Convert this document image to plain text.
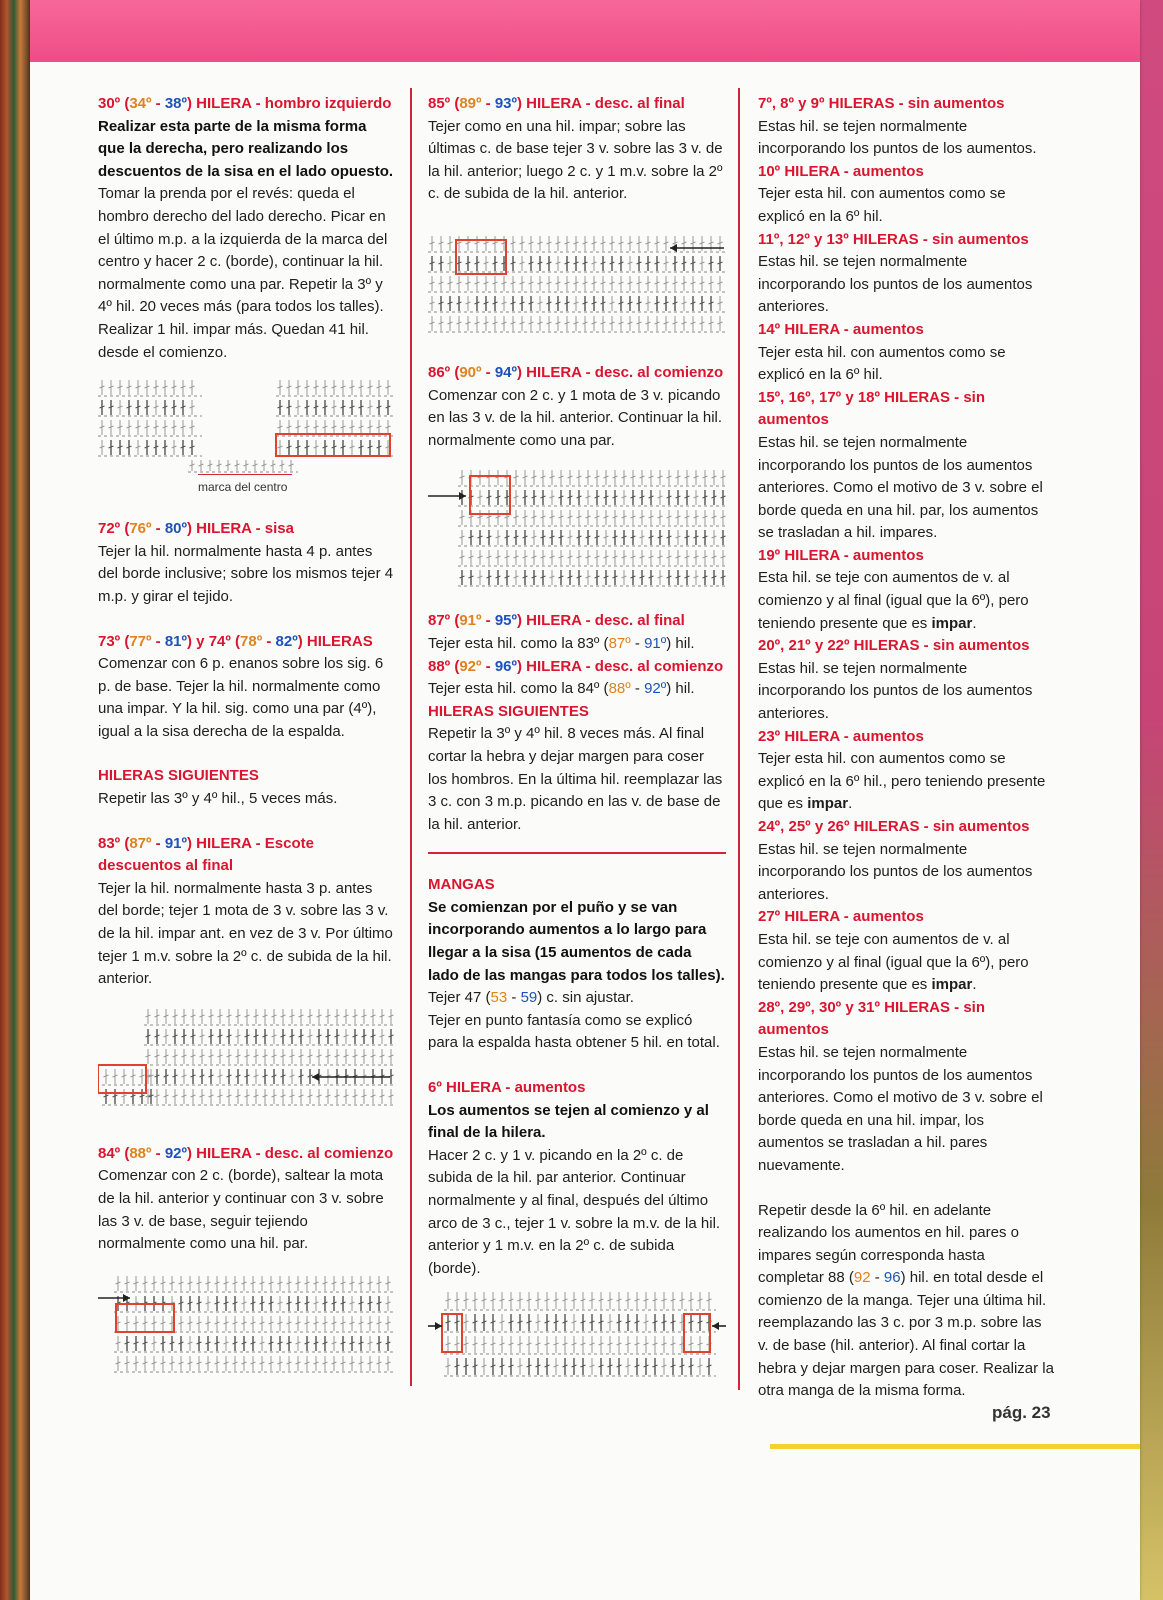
30º (34º - 38º) HILERA - hombro izquierdo

Realizar esta parte de la misma forma que la derecha, pero realizando los descuentos de la sisa en el lado opuesto.

Tomar la prenda por el revés: queda el hombro derecho del lado derecho. Picar en el último m.p. a la izquierda de la marca del centro y hacer 2 c. (borde), continuar la hil. normalmente como una par. Repetir la 3º y 4º hil. 20 veces más (para todos los talles). Realizar 1 hil. impar más. Quedan 41 hil. desde el comienzo.

marca del centro

72º (76º - 80º) HILERA - sisa

Tejer la hil. normalmente hasta 4 p. antes del borde inclusive; sobre los mismos tejer 4 m.p. y girar el tejido.

73º (77º - 81º) y 74º (78º - 82º) HILERAS

Comenzar con 6 p. enanos sobre los sig. 6 p. de base. Tejer la hil. normalmente como una impar. Y la hil. sig. como una par (4º), igual a la sisa derecha de la espalda.

HILERAS SIGUIENTES

Repetir las 3º y 4º hil., 5 veces más.

83º (87º - 91º) HILERA - Escote descuentos al final

Tejer la hil. normalmente hasta 3 p. antes del borde; tejer 1 mota de 3 v. sobre las 3 v. de la hil. impar ant. en vez de 3 v. Por último tejer 1 m.v. sobre la 2º c. de subida de la hil. anterior.

84º (88º - 92º) HILERA - desc. al comienzo

Comenzar con 2 c. (borde), saltear la mota de la hil. anterior y continuar con 3 v. sobre las 3 v. de base, seguir tejiendo normalmente como una hil. par.

85º (89º - 93º) HILERA - desc. al final

Tejer como en una hil. impar; sobre las últimas c. de base tejer 3 v. sobre las 3 v. de la hil. anterior; luego 2 c. y 1 m.v. sobre la 2º c. de subida de la hil. anterior.

86º (90º - 94º) HILERA - desc. al comienzo

Comenzar con 2 c. y 1 mota de 3 v. picando en las 3 v. de la hil. anterior. Continuar la hil. normalmente como una par.

87º (91º - 95º) HILERA - desc. al final

Tejer esta hil. como la 83º (87º - 91º) hil.

88º (92º - 96º) HILERA - desc. al comienzo

Tejer esta hil. como la 84º (88º - 92º) hil.

HILERAS SIGUIENTES

Repetir la 3º y 4º hil. 8 veces más. Al final cortar la hebra y dejar margen para coser los hombros. En la última hil. reemplazar las 3 c. con 3 m.p. picando en las v. de base de la hil. anterior.

MANGAS

Se comienzan por el puño y se van incorporando aumentos a lo largo para llegar a la sisa (15 aumentos de cada lado de las mangas para todos los talles).

Tejer 47 (53 - 59) c. sin ajustar.

Tejer en punto fantasía como se explicó para la espalda hasta obtener 5 hil. en total.

6º HILERA - aumentos

Los aumentos se tejen al comienzo y al final de la hilera.

Hacer 2 c. y 1 v. picando en la 2º c. de subida de la hil. par anterior. Continuar normalmente y al final, después del último arco de 3 c., tejer 1 v. sobre la m.v. de la hil. anterior y 1 m.v. en la 2º c. de subida (borde).

7º, 8º y 9º HILERAS - sin aumentos

Estas hil. se tejen normalmente incorporando los puntos de los aumentos.

10º HILERA - aumentos

Tejer esta hil. con aumentos como se explicó en la 6º hil.

11º, 12º y 13º HILERAS - sin aumentos

Estas hil. se tejen normalmente incorporando los puntos de los aumentos anteriores.

14º HILERA - aumentos

Tejer esta hil. con aumentos como se explicó en la 6º hil.

15º, 16º, 17º y 18º HILERAS - sin aumentos

Estas hil. se tejen normalmente incorporando los puntos de los aumentos anteriores. Como el motivo de 3 v. sobre el borde queda en una hil. par, los aumentos se trasladan a hil. impares.

19º HILERA - aumentos

Esta hil. se teje con aumentos de v. al comienzo y al final (igual que la 6º), pero teniendo presente que es impar.

20º, 21º y 22º HILERAS - sin aumentos

Estas hil. se tejen normalmente incorporando los puntos de los aumentos anteriores.

23º HILERA - aumentos

Tejer esta hil. con aumentos como se explicó en la 6º hil., pero teniendo presente que es impar.

24º, 25º y 26º HILERAS - sin aumentos

Estas hil. se tejen normalmente incorporando los puntos de los aumentos anteriores.

27º HILERA - aumentos

Esta hil. se teje con aumentos de v. al comienzo y al final (igual que la 6º), pero teniendo presente que es impar.

28º, 29º, 30º y 31º HILERAS - sin aumentos

Estas hil. se tejen normalmente incorporando los puntos de los aumentos anteriores. Como el motivo de 3 v. sobre el borde queda en una hil. impar, los aumentos se trasladan a hil. pares nuevamente.

Repetir desde la 6º hil. en adelante realizando los aumentos en hil. pares o impares según corresponda hasta completar 88 (92 - 96) hil. en total desde el comienzo de la manga. Tejer una última hil. reemplazando las 3 c. por 3 m.p. sobre las v. de base (hil. anterior). Al final cortar la hebra y dejar margen para coser. Realizar la otra manga de la misma forma.

pág. 23
